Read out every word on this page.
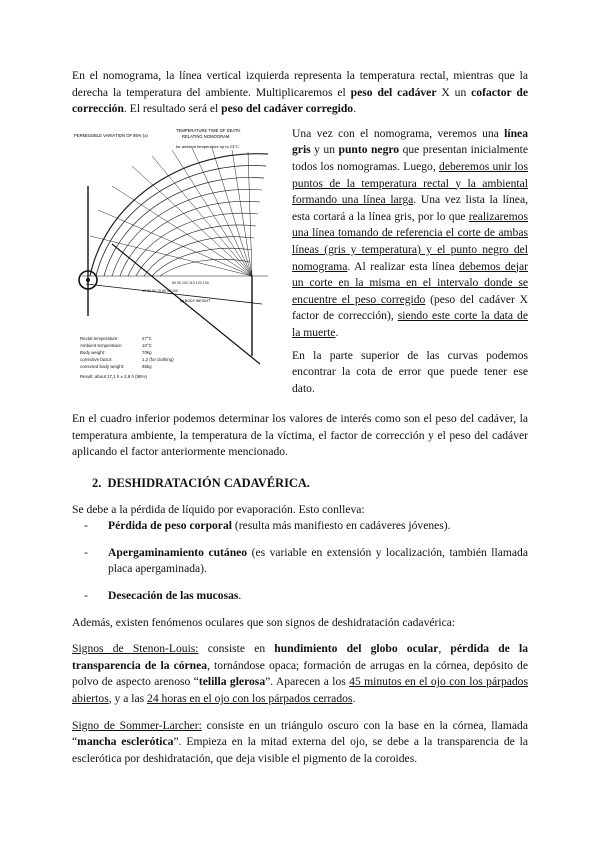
En el nomograma, la línea vertical izquierda representa la temperatura rectal, mientras que la derecha la temperatura del ambiente. Multiplicaremos el peso del cadáver X un cofactor de corrección. El resultado será el peso del cadáver corregido.

PERMISSIBLE VARIATION OF 95% (±)
TEMPERATURE TIME OF DEATH
RELATING NOMOGRAM
for ambient temperature up to 23°C
80 90 100 110 120 130
40 50 60 70 80 90 100
kg BODY WEIGHT
Rectal temperature:	27°C
Ambient temperature:	10°C
Body weight:	70kg
corrective factor:	1,2 (for clothing)
corrected body weight:	85kg
Result: about 17,1 h ± 2,8 h (95%)

Una vez con el nomograma, veremos una línea gris y un punto negro que presentan inicialmente todos los nomogramas. Luego, deberemos unir los puntos de la temperatura rectal y la ambiental formando una línea larga. Una vez lista la línea, esta cortará a la línea gris, por lo que realizaremos una línea tomando de referencia el corte de ambas líneas (gris y temperatura) y el punto negro del nomograma. Al realizar esta línea debemos dejar un corte en la misma en el intervalo donde se encuentre el peso corregido (peso del cadáver X factor de corrección), siendo este corte la data de la muerte.

En la parte superior de las curvas podemos encontrar la cota de error que puede tener ese dato.

En el cuadro inferior podemos determinar los valores de interés como son el peso del cadáver, la temperatura ambiente, la temperatura de la víctima, el factor de corrección y el peso del cadáver aplicando el factor anteriormente mencionado.

2. DESHIDRATACIÓN CADAVÉRICA.

Se debe a la pérdida de líquido por evaporación. Esto conlleva:

- Pérdida de peso corporal (resulta más manifiesto en cadáveres jóvenes).
- Apergaminamiento cutáneo (es variable en extensión y localización, también llamada placa apergaminada).
- Desecación de las mucosas.

Además, existen fenómenos oculares que son signos de deshidratación cadavérica:

Signos de Stenon-Louis: consiste en hundimiento del globo ocular, pérdida de la transparencia de la córnea, tornándose opaca; formación de arrugas en la córnea, depósito de polvo de aspecto arenoso “telilla glerosa”. Aparecen a los 45 minutos en el ojo con los párpados abiertos, y a las 24 horas en el ojo con los párpados cerrados.

Signo de Sommer-Larcher: consiste en un triángulo oscuro con la base en la córnea, llamada “mancha esclerótica”. Empieza en la mitad externa del ojo, se debe a la transparencia de la esclerótica por deshidratación, que deja visible el pigmento de la coroides.
